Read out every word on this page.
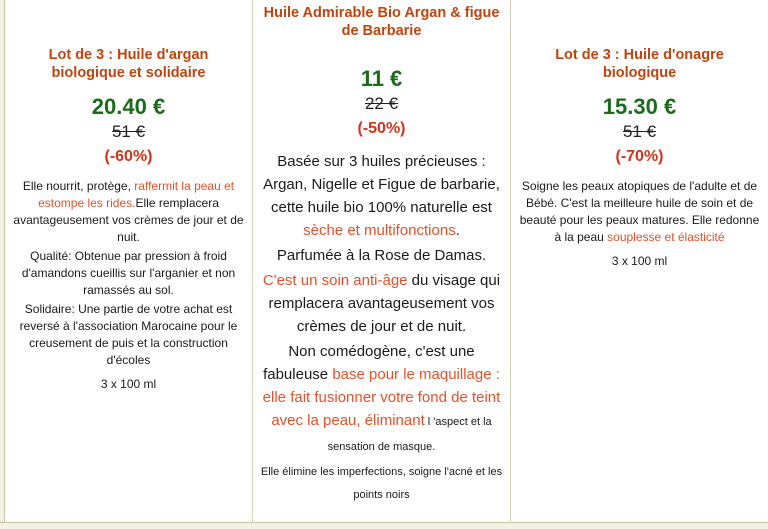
Lot de 3 : Huile d'argan biologique et solidaire

20.40 €

51 €

(-60%)

Elle nourrit, protège, raffermit la peau et estompe les rides.Elle remplacera avantageusement vos crèmes de jour et de nuit.

Qualité: Obtenue par pression à froid d'amandons cueillis sur l'arganier et non ramassés au sol.

Solidaire: Une partie de votre achat est reversé à l'association Marocaine pour le creusement de puis et la construction d'écoles

3 x 100 ml

Huile Admirable Bio Argan & figue de Barbarie

11 €

22 €

(-50%)

Basée sur 3 huiles précieuses : Argan, Nigelle et Figue de barbarie, cette huile bio 100% naturelle est sèche et multifonctions.

Parfumée à la Rose de Damas.

C'est un soin anti-âge du visage qui remplacera avantageusement vos crèmes de jour et de nuit.

Non comédogène, c'est une fabuleuse base pour le maquillage : elle fait fusionner votre fond de teint avec la peau, éliminant l 'aspect et la sensation de masque.

Elle élimine les imperfections, soigne l'acné et les points noirs

Lot de 3 : Huile d'onagre biologique

15.30 €

51 €

(-70%)

Soigne les peaux atopiques de l'adulte et de Bébé. C'est la meilleure huile de soin et de beauté pour les peaux matures. Elle redonne à la peau souplesse et élasticité

3 x 100 ml
